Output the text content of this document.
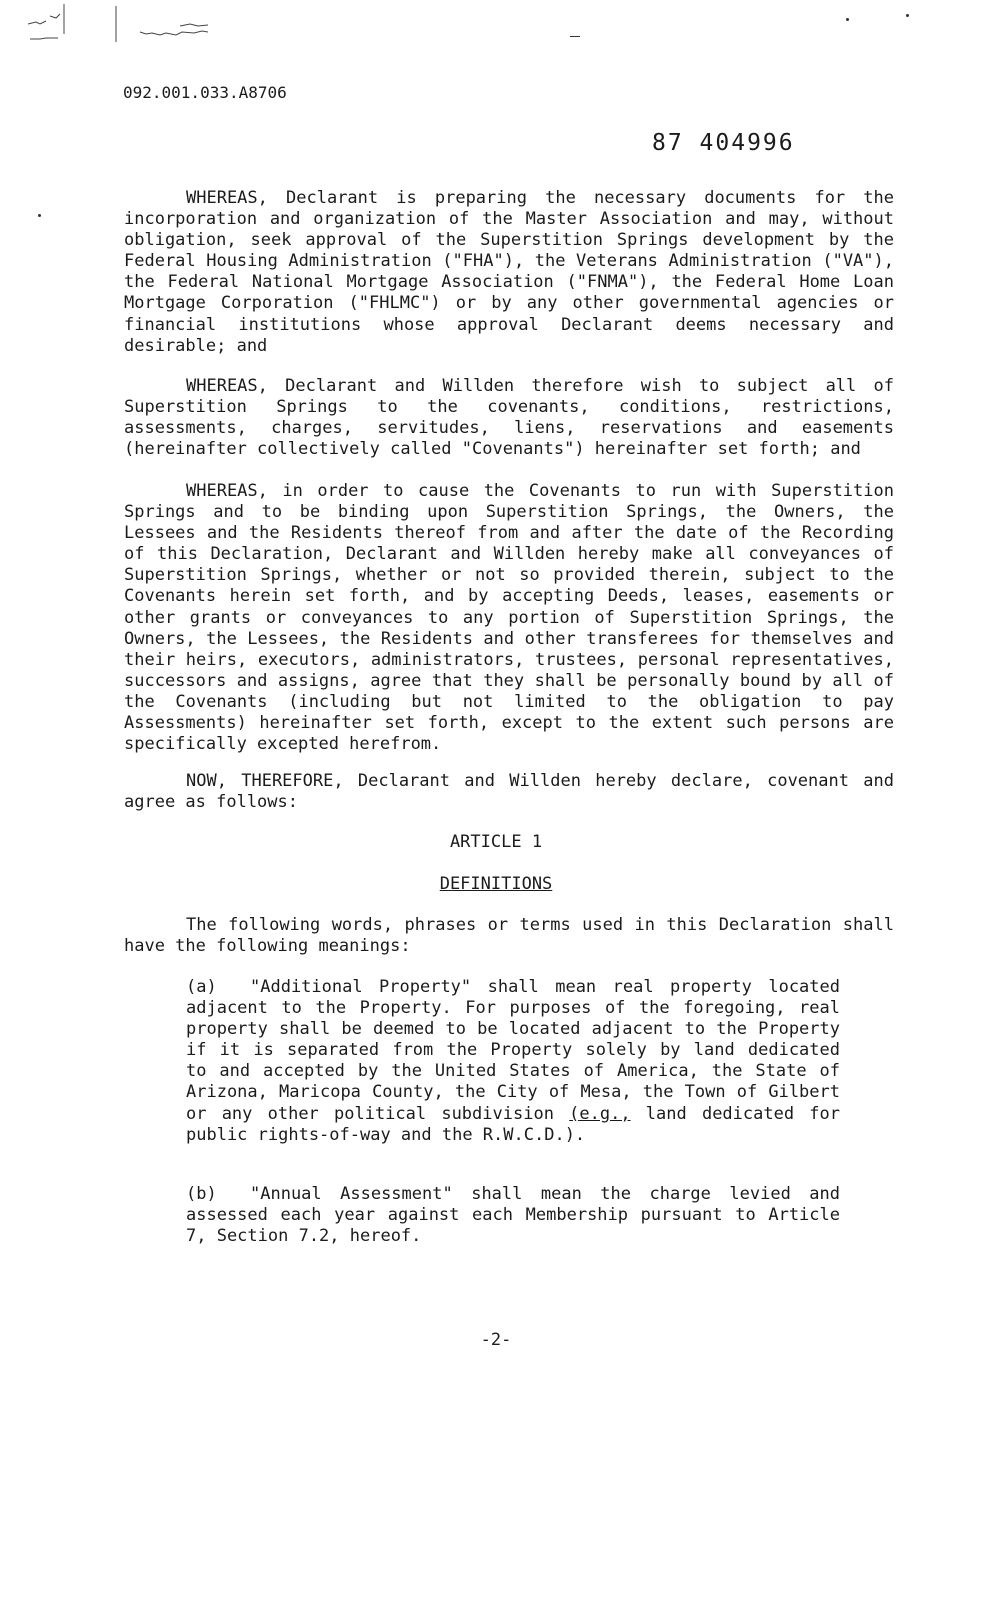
092.001.033.A8706
87 404996

WHEREAS, Declarant is preparing the necessary documents for the incorporation and organization of the Master Association and may, without obligation, seek approval of the Superstition Springs development by the Federal Housing Administration ("FHA"), the Veterans Administration ("VA"), the Federal National Mortgage Association ("FNMA"), the Federal Home Loan Mortgage Corporation ("FHLMC") or by any other governmental agencies or financial institutions whose approval Declarant deems necessary and desirable; and

WHEREAS, Declarant and Willden therefore wish to subject all of Superstition Springs to the covenants, conditions, restrictions, assessments, charges, servitudes, liens, reservations and easements (hereinafter collectively called "Covenants") hereinafter set forth; and

WHEREAS, in order to cause the Covenants to run with Superstition Springs and to be binding upon Superstition Springs, the Owners, the Lessees and the Residents thereof from and after the date of the Recording of this Declaration, Declarant and Willden hereby make all conveyances of Superstition Springs, whether or not so provided therein, subject to the Covenants herein set forth, and by accepting Deeds, leases, easements or other grants or conveyances to any portion of Superstition Springs, the Owners, the Lessees, the Residents and other transferees for themselves and their heirs, executors, administrators, trustees, personal representatives, successors and assigns, agree that they shall be personally bound by all of the Covenants (including but not limited to the obligation to pay Assessments) hereinafter set forth, except to the extent such persons are specifically excepted herefrom.

NOW, THEREFORE, Declarant and Willden hereby declare, covenant and agree as follows:

ARTICLE 1

DEFINITIONS

The following words, phrases or terms used in this Declaration shall have the following meanings:

(a) "Additional Property" shall mean real property located adjacent to the Property. For purposes of the foregoing, real property shall be deemed to be located adjacent to the Property if it is separated from the Property solely by land dedicated to and accepted by the United States of America, the State of Arizona, Maricopa County, the City of Mesa, the Town of Gilbert or any other political subdivision (e.g., land dedicated for public rights-of-way and the R.W.C.D.).

(b) "Annual Assessment" shall mean the charge levied and assessed each year against each Membership pursuant to Article 7, Section 7.2, hereof.

-2-
